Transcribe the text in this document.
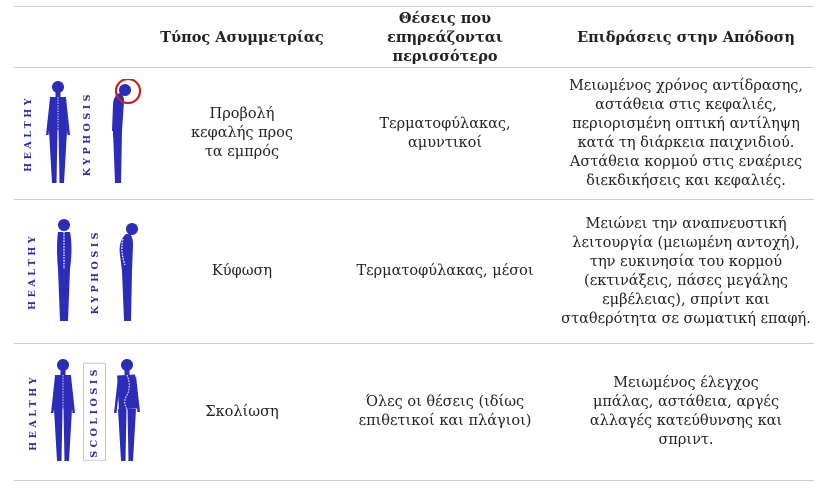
	Τύπος Ασυμμετρίας	Θέσεις που επηρεάζονται περισσότερο	Επιδράσεις στην Απόδοση

HEALTHY KYPHOSIS	Προβολή κεφαλής προς τα εμπρός	Τερματοφύλακας, αμυντικοί	Μειωμένος χρόνος αντίδρασης, αστάθεια στις κεφαλιές, περιορισμένη οπτική αντίληψη κατά τη διάρκεια παιχνιδιού. Αστάθεια κορμού στις εναέριες διεκδικήσεις και κεφαλιές.

HEALTHY KYPHOSIS	Κύφωση	Τερματοφύλακας, μέσοι	Μειώνει την αναπνευστική λειτουργία (μειωμένη αντοχή), την ευκινησία του κορμού (εκτινάξεις, πάσες μεγάλης εμβέλειας), σπρίντ και σταθερότητα σε σωματική επαφή.

HEALTHY SCOLIOSIS	Σκολίωση	Όλες οι θέσεις (ιδίως επιθετικοί και πλάγιοι)	Μειωμένος έλεγχος μπάλας, αστάθεια, αργές αλλαγές κατεύθυνσης και σπριντ.
